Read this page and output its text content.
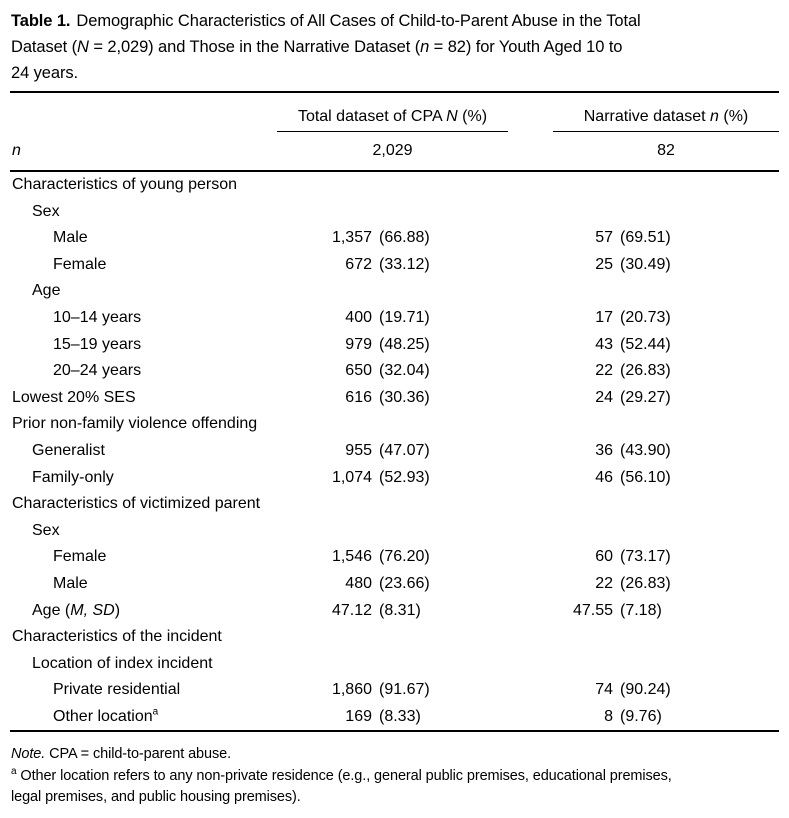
Table 1. Demographic Characteristics of All Cases of Child-to-Parent Abuse in the Total
Dataset (N = 2,029) and Those in the Narrative Dataset (n = 82) for Youth Aged 10 to
24 years.
Total dataset of CPA N (%)	Narrative dataset n (%)
n	2,029	82
Characteristics of young person
Sex
Male	1,357 (66.88)	57 (69.51)
Female	672 (33.12)	25 (30.49)
Age
10–14 years	400 (19.71)	17 (20.73)
15–19 years	979 (48.25)	43 (52.44)
20–24 years	650 (32.04)	22 (26.83)
Lowest 20% SES	616 (30.36)	24 (29.27)
Prior non-family violence offending
Generalist	955 (47.07)	36 (43.90)
Family-only	1,074 (52.93)	46 (56.10)
Characteristics of victimized parent
Sex
Female	1,546 (76.20)	60 (73.17)
Male	480 (23.66)	22 (26.83)
Age (M, SD)	47.12 (8.31)	47.55 (7.18)
Characteristics of the incident
Location of index incident
Private residential	1,860 (91.67)	74 (90.24)
Other location$^a$	169 (8.33)	8 (9.76)

Note. CPA = child-to-parent abuse.

$^a$ Other location refers to any non-private residence (e.g., general public premises, educational premises,
legal premises, and public housing premises).
